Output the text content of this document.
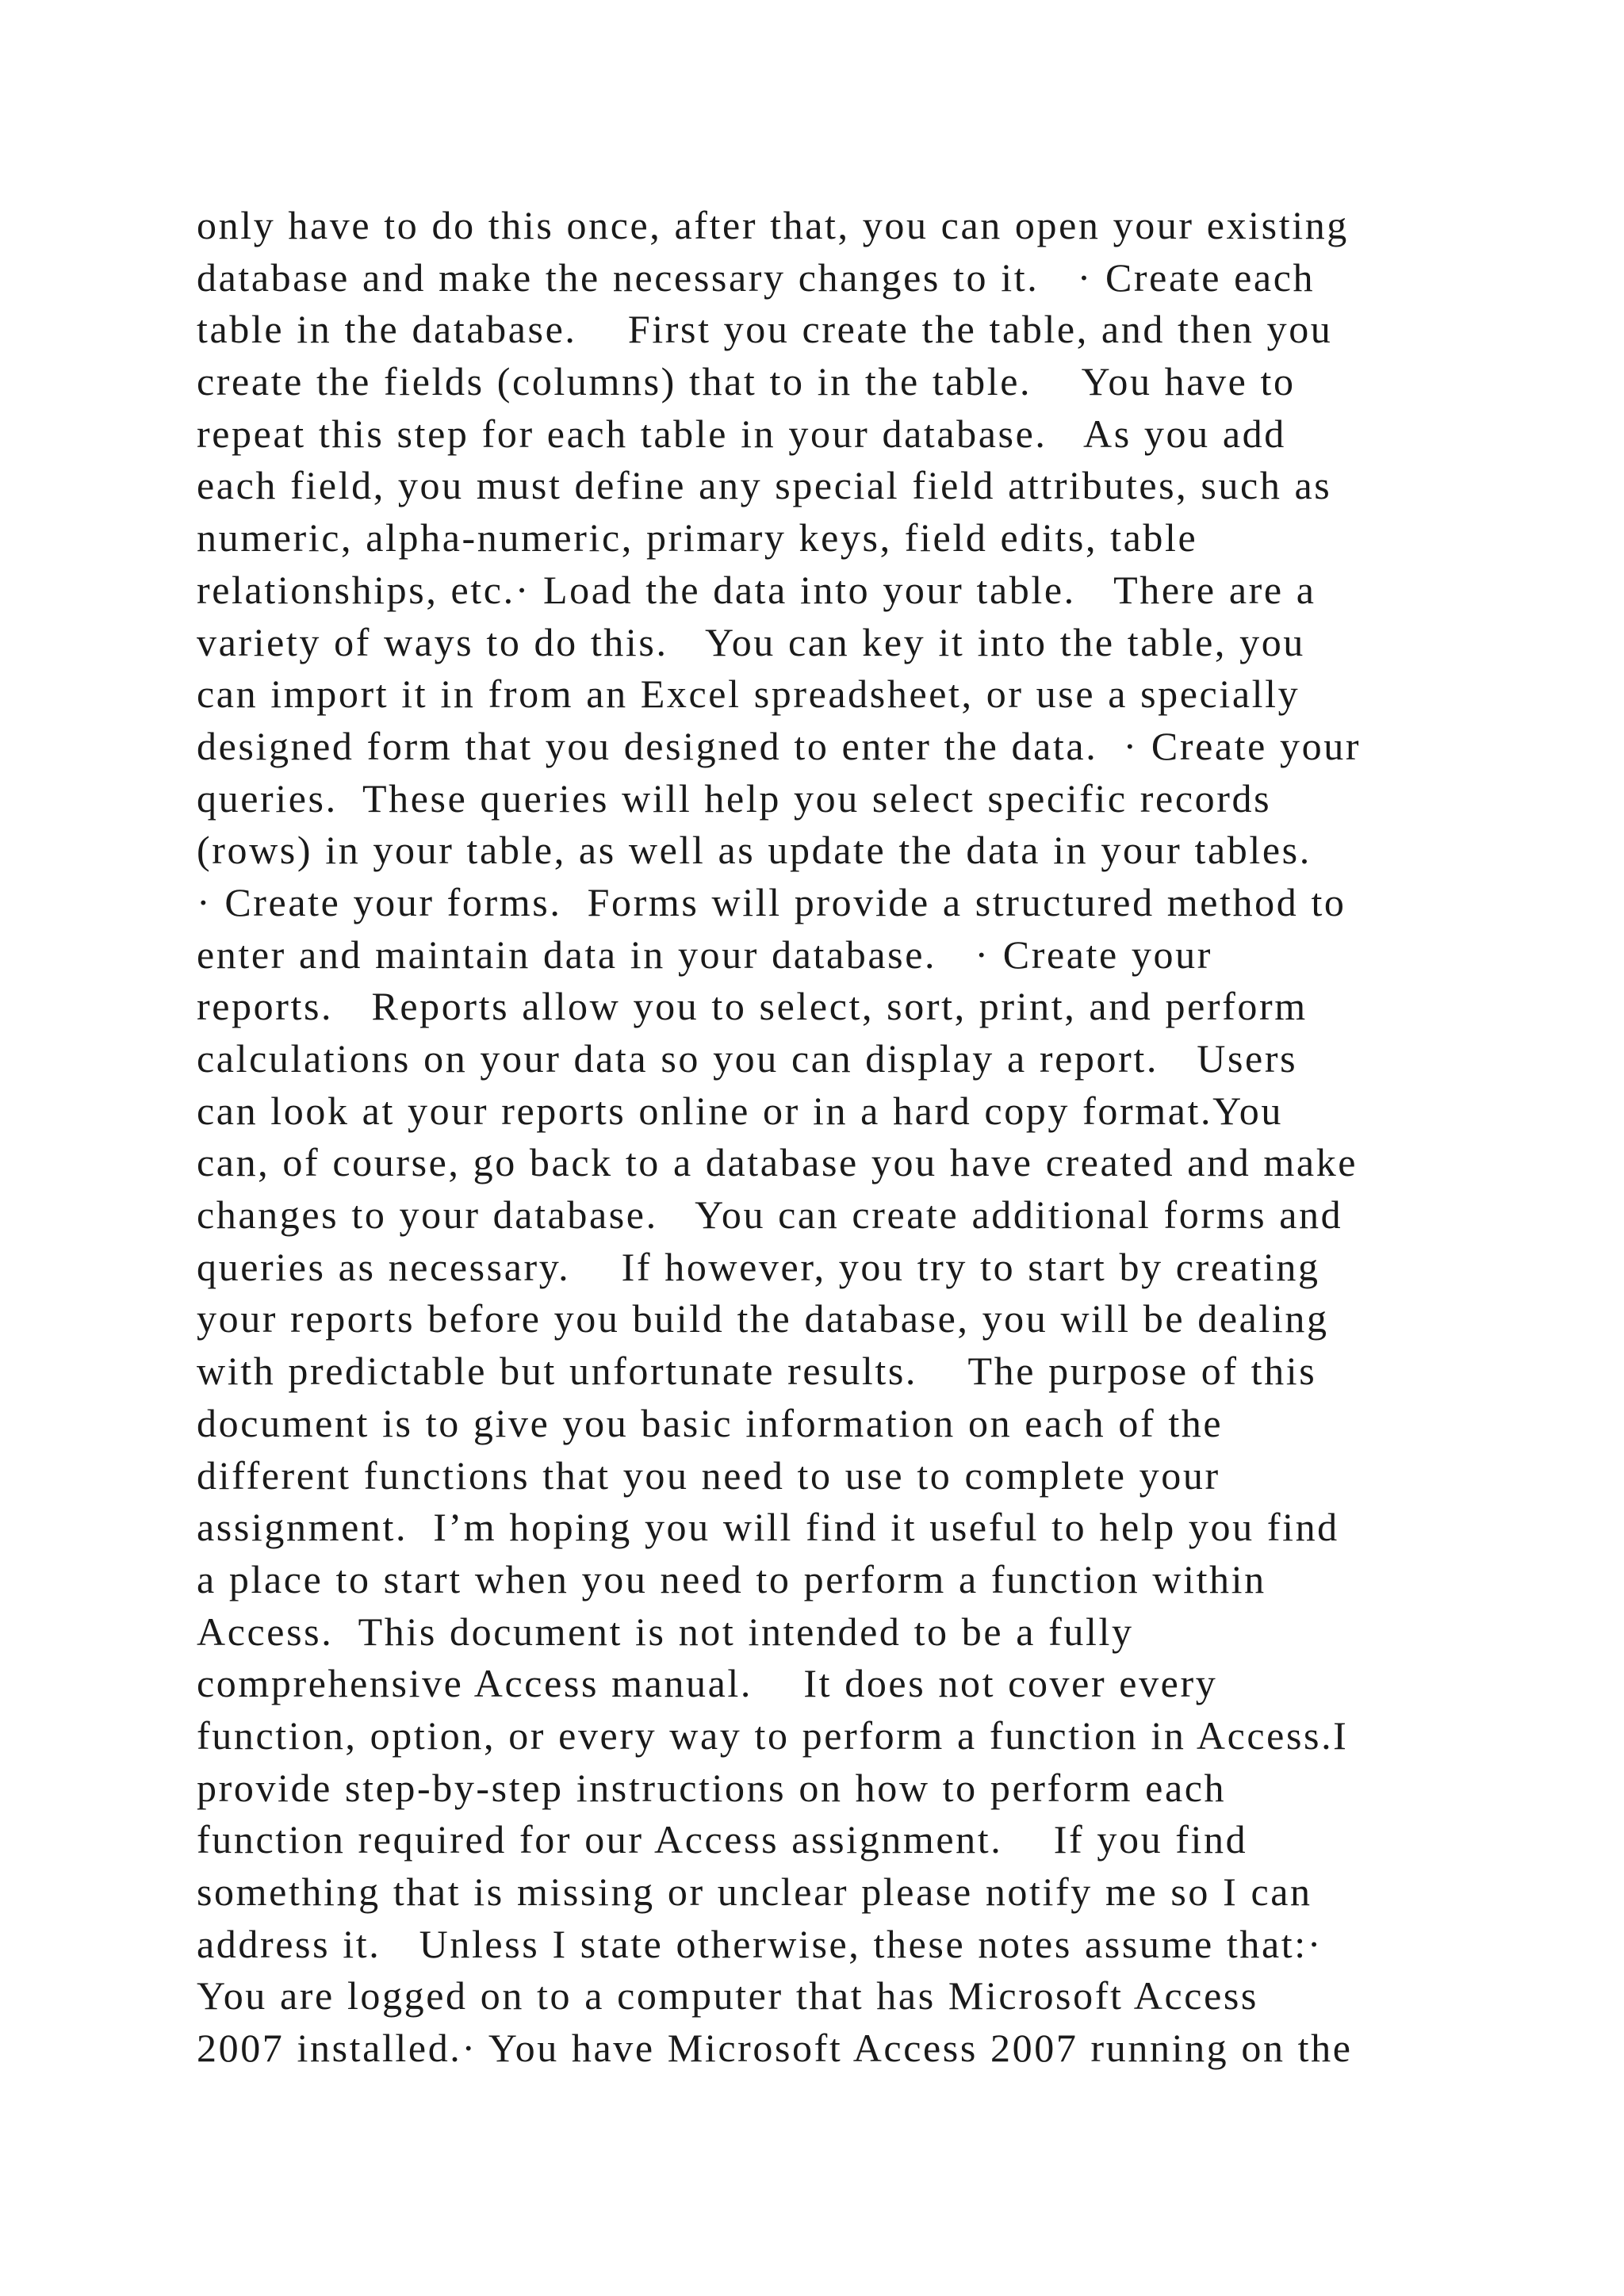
only have to do this once, after that, you can open your existing
database and make the necessary changes to it.   · Create each
table in the database.    First you create the table, and then you
create the fields (columns) that to in the table.    You have to
repeat this step for each table in your database.   As you add
each field, you must define any special field attributes, such as
numeric, alpha-numeric, primary keys, field edits, table
relationships, etc.· Load the data into your table.   There are a
variety of ways to do this.   You can key it into the table, you
can import it in from an Excel spreadsheet, or use a specially
designed form that you designed to enter the data.  · Create your
queries.  These queries will help you select specific records
(rows) in your table, as well as update the data in your tables.
· Create your forms.  Forms will provide a structured method to
enter and maintain data in your database.   · Create your
reports.   Reports allow you to select, sort, print, and perform
calculations on your data so you can display a report.   Users
can look at your reports online or in a hard copy format.You
can, of course, go back to a database you have created and make
changes to your database.   You can create additional forms and
queries as necessary.    If however, you try to start by creating
your reports before you build the database, you will be dealing
with predictable but unfortunate results.    The purpose of this
document is to give you basic information on each of the
different functions that you need to use to complete your
assignment.  I’m hoping you will find it useful to help you find
a place to start when you need to perform a function within
Access.  This document is not intended to be a fully
comprehensive Access manual.    It does not cover every
function, option, or every way to perform a function in Access.I
provide step-by-step instructions on how to perform each
function required for our Access assignment.    If you find
something that is missing or unclear please notify me so I can
address it.   Unless I state otherwise, these notes assume that:·
You are logged on to a computer that has Microsoft Access
2007 installed.· You have Microsoft Access 2007 running on the
